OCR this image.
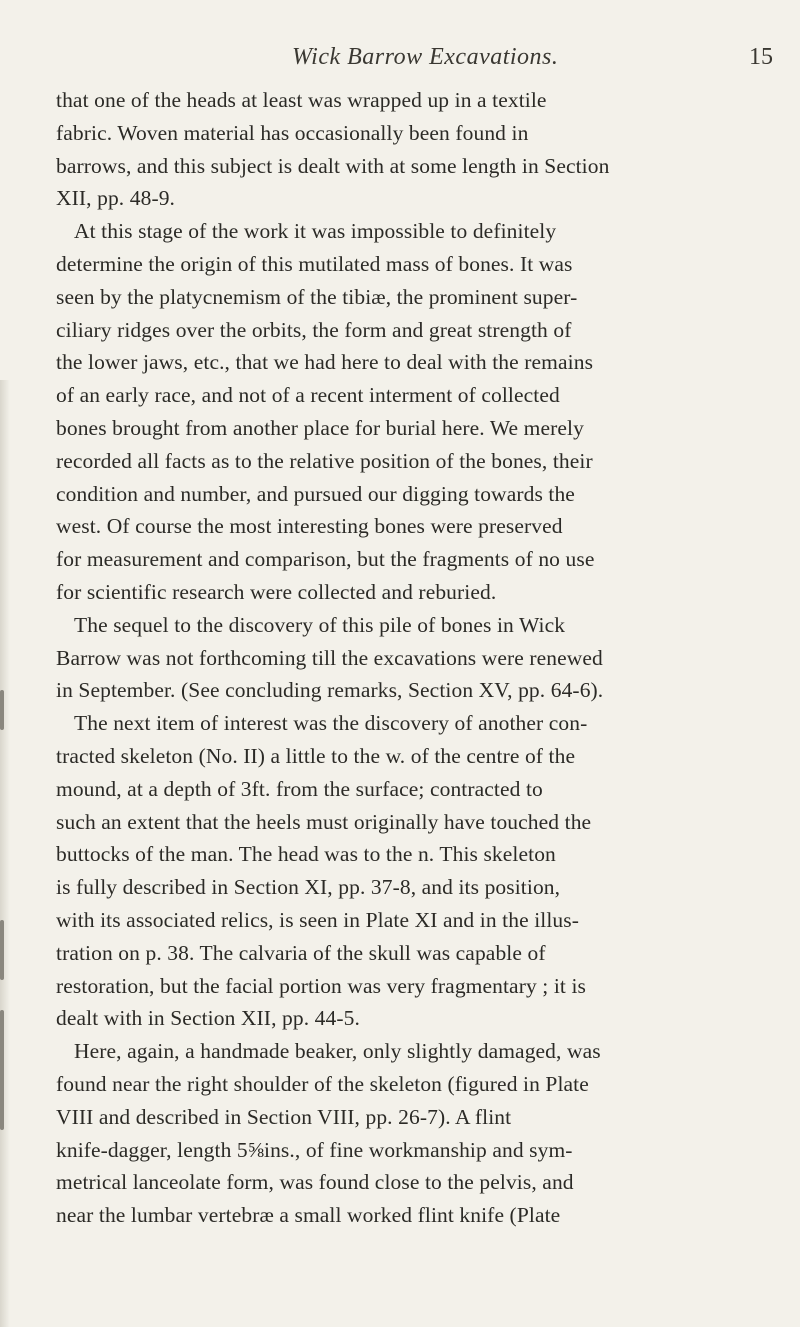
Wick Barrow Excavations.	15
that one of the heads at least was wrapped up in a textile
fabric. Woven material has occasionally been found in
barrows, and this subject is dealt with at some length in Section
XII, pp. 48-9.
At this stage of the work it was impossible to definitely
determine the origin of this mutilated mass of bones. It was
seen by the platycnemism of the tibiæ, the prominent super-
ciliary ridges over the orbits, the form and great strength of
the lower jaws, etc., that we had here to deal with the remains
of an early race, and not of a recent interment of collected
bones brought from another place for burial here. We merely
recorded all facts as to the relative position of the bones, their
condition and number, and pursued our digging towards the
west. Of course the most interesting bones were preserved
for measurement and comparison, but the fragments of no use
for scientific research were collected and reburied.
The sequel to the discovery of this pile of bones in Wick
Barrow was not forthcoming till the excavations were renewed
in September. (See concluding remarks, Section XV, pp. 64-6).
The next item of interest was the discovery of another con-
tracted skeleton (No. II) a little to the w. of the centre of the
mound, at a depth of 3ft. from the surface; contracted to
such an extent that the heels must originally have touched the
buttocks of the man. The head was to the n. This skeleton
is fully described in Section XI, pp. 37-8, and its position,
with its associated relics, is seen in Plate XI and in the illus-
tration on p. 38. The calvaria of the skull was capable of
restoration, but the facial portion was very fragmentary ; it is
dealt with in Section XII, pp. 44-5.
Here, again, a handmade beaker, only slightly damaged, was
found near the right shoulder of the skeleton (figured in Plate
VIII and described in Section VIII, pp. 26-7). A flint
knife-dagger, length 5⅝ins., of fine workmanship and sym-
metrical lanceolate form, was found close to the pelvis, and
near the lumbar vertebræ a small worked flint knife (Plate
